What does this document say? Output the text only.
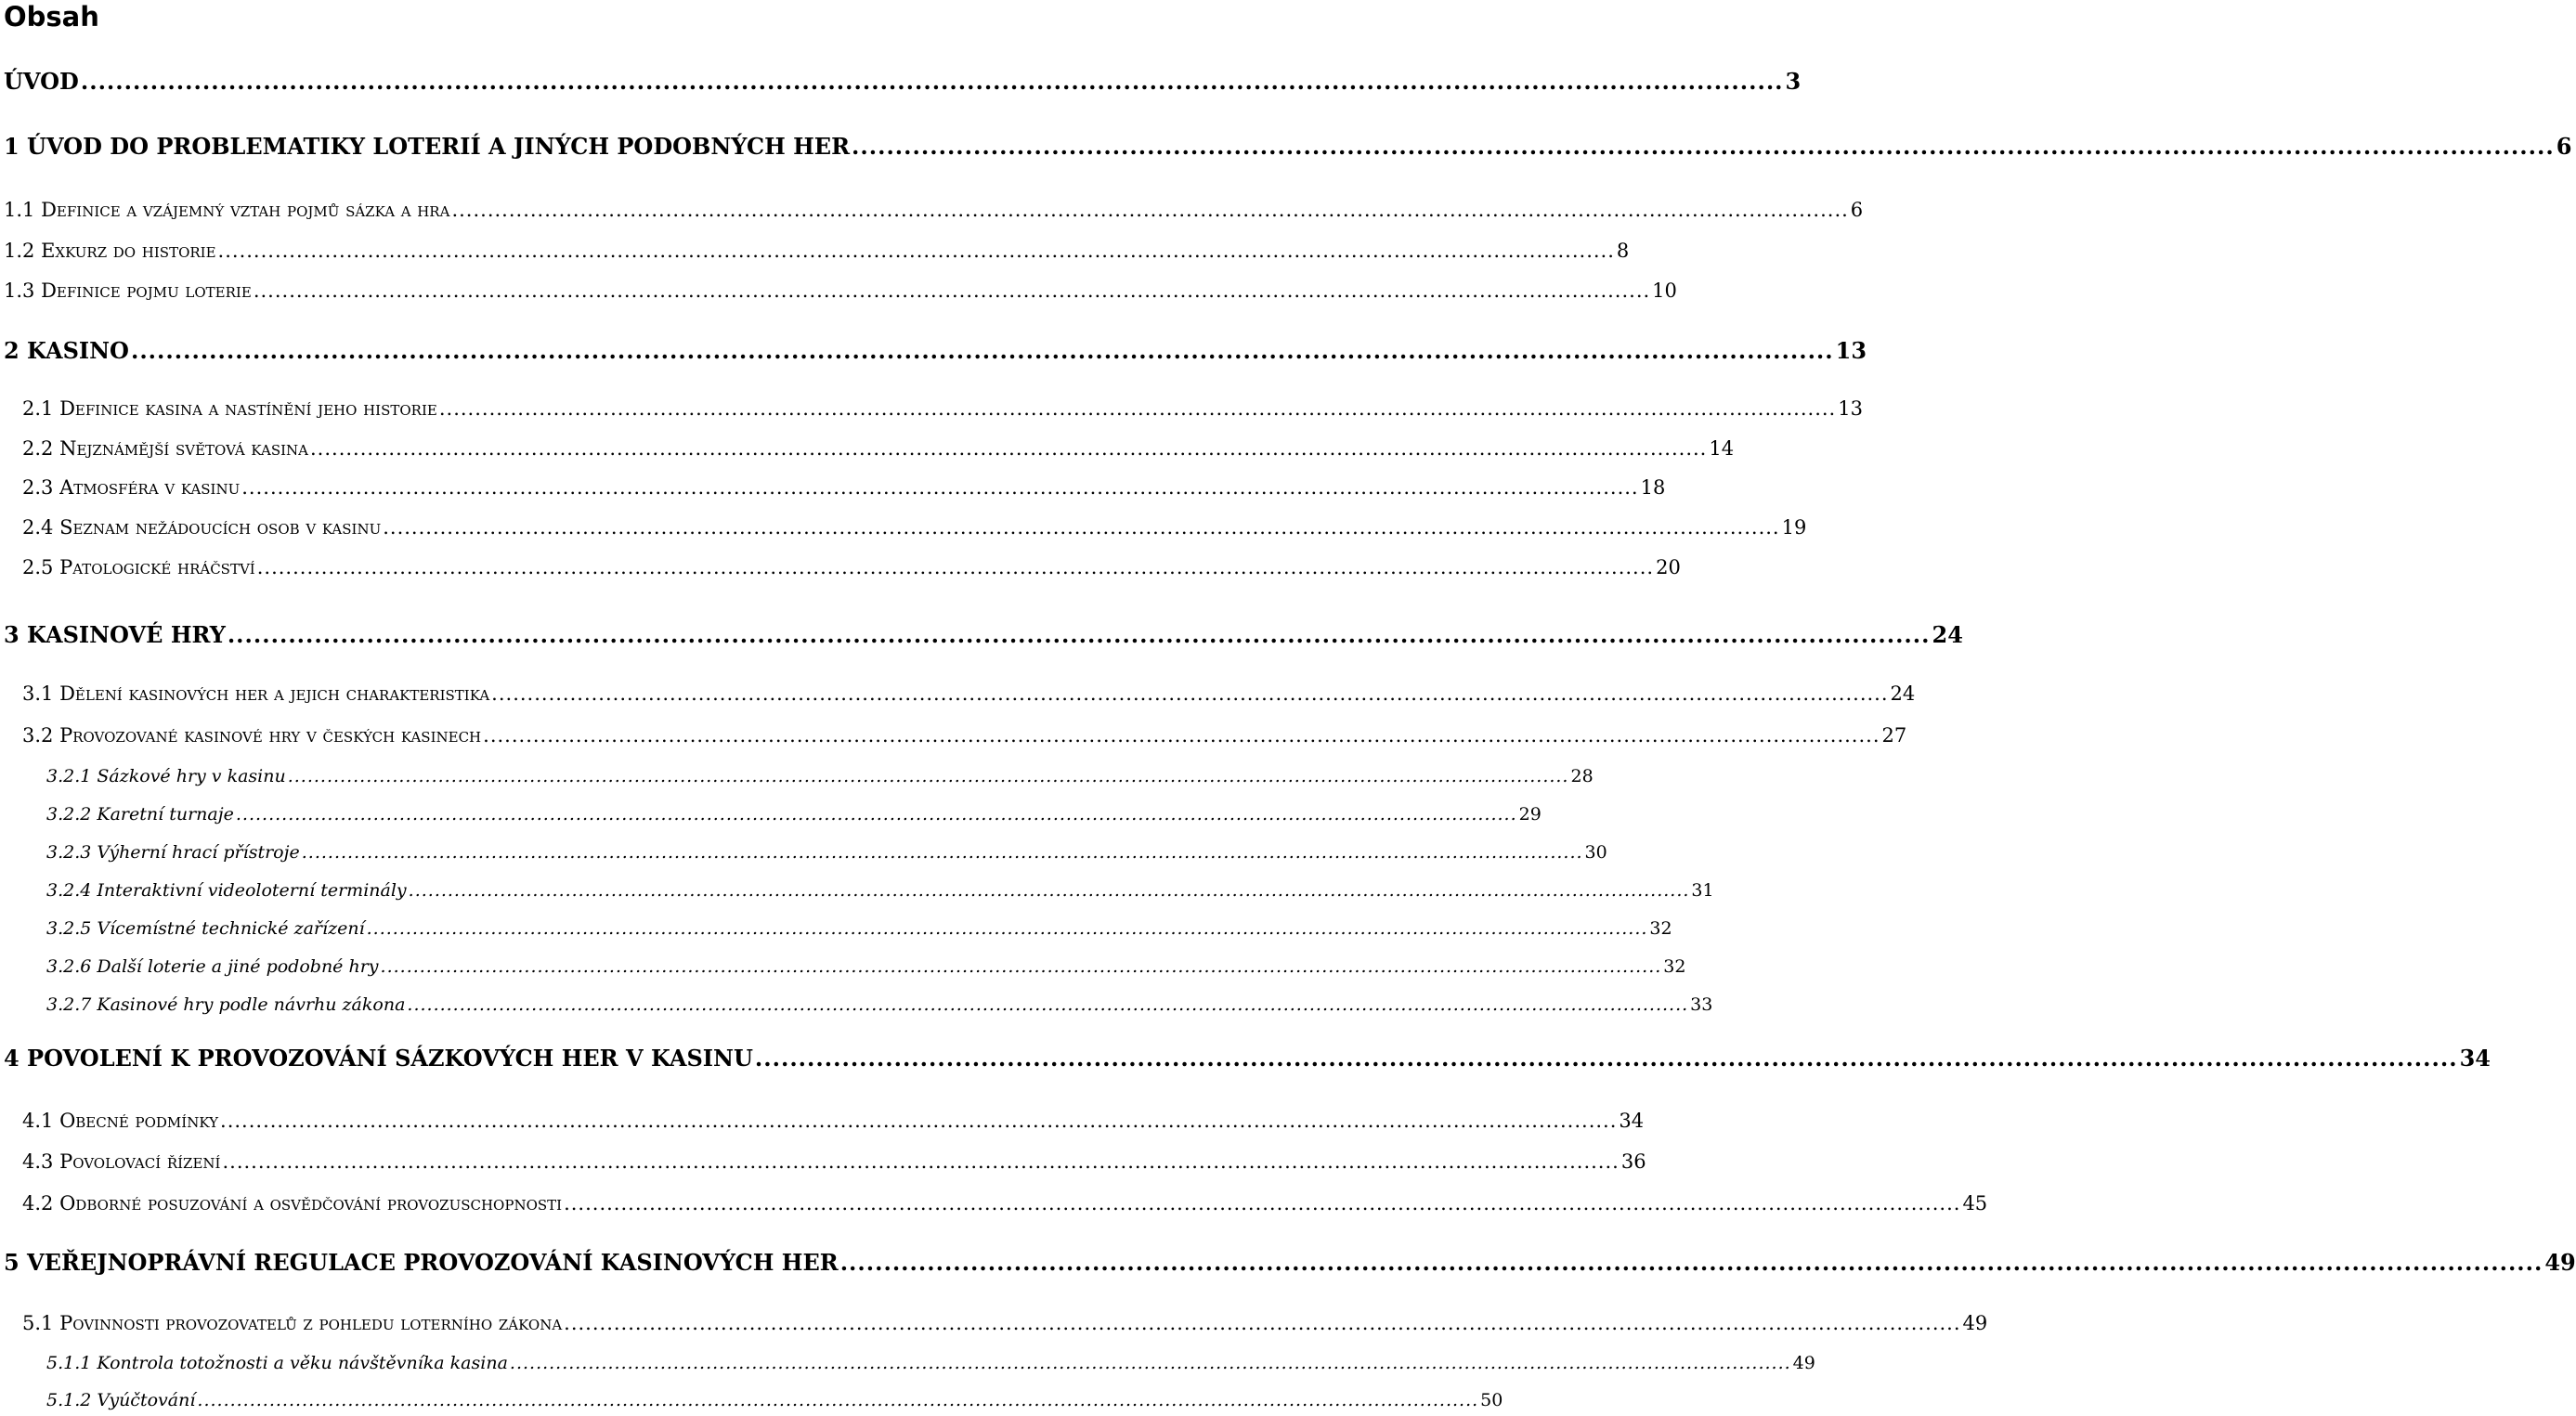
Obsah
ÚVOD .................................................................................................................................................................................................... 3
1 ÚVOD DO PROBLEMATIKY LOTERIÍ A JINÝCH PODOBNÝCH HER .................................................................................................................................................................................................... 6
1.1 Definice a vzájemný vztah pojmů sázka a hra .................................................................................................................................................................................................... 6
1.2 Exkurz do historie .................................................................................................................................................................................................... 8
1.3 Definice pojmu loterie .................................................................................................................................................................................................... 10
2 KASINO .................................................................................................................................................................................................... 13
2.1 Definice kasina a nastínění jeho historie .................................................................................................................................................................................................... 13
2.2 Nejznámější světová kasina .................................................................................................................................................................................................... 14
2.3 Atmosféra v kasinu .................................................................................................................................................................................................... 18
2.4 Seznam nežádoucích osob v kasinu .................................................................................................................................................................................................... 19
2.5 Patologické hráčství .................................................................................................................................................................................................... 20
3 KASINOVÉ HRY .................................................................................................................................................................................................... 24
3.1 Dělení kasinových her a jejich charakteristika .................................................................................................................................................................................................... 24
3.2 Provozované kasinové hry v českých kasinech .................................................................................................................................................................................................... 27
3.2.1 Sázkové hry v kasinu .................................................................................................................................................................................................... 28
3.2.2 Karetní turnaje .................................................................................................................................................................................................... 29
3.2.3 Výherní hrací přístroje .................................................................................................................................................................................................... 30
3.2.4 Interaktivní videoloterní terminály .................................................................................................................................................................................................... 31
3.2.5 Vícemístné technické zařízení .................................................................................................................................................................................................... 32
3.2.6 Další loterie a jiné podobné hry .................................................................................................................................................................................................... 32
3.2.7 Kasinové hry podle návrhu zákona .................................................................................................................................................................................................... 33
4 POVOLENÍ K PROVOZOVÁNÍ SÁZKOVÝCH HER V KASINU .................................................................................................................................................................................................... 34
4.1 Obecné podmínky .................................................................................................................................................................................................... 34
4.3 Povolovací řízení .................................................................................................................................................................................................... 36
4.2 Odborné posuzování a osvědčování provozuschopnosti .................................................................................................................................................................................................... 45
5 VEŘEJNOPRÁVNÍ REGULACE PROVOZOVÁNÍ KASINOVÝCH HER .................................................................................................................................................................................................... 49
5.1 Povinnosti provozovatelů z pohledu loterního zákona .................................................................................................................................................................................................... 49
5.1.1 Kontrola totožnosti a věku návštěvníka kasina .................................................................................................................................................................................................... 49
5.1.2 Vyúčtování .................................................................................................................................................................................................... 50
